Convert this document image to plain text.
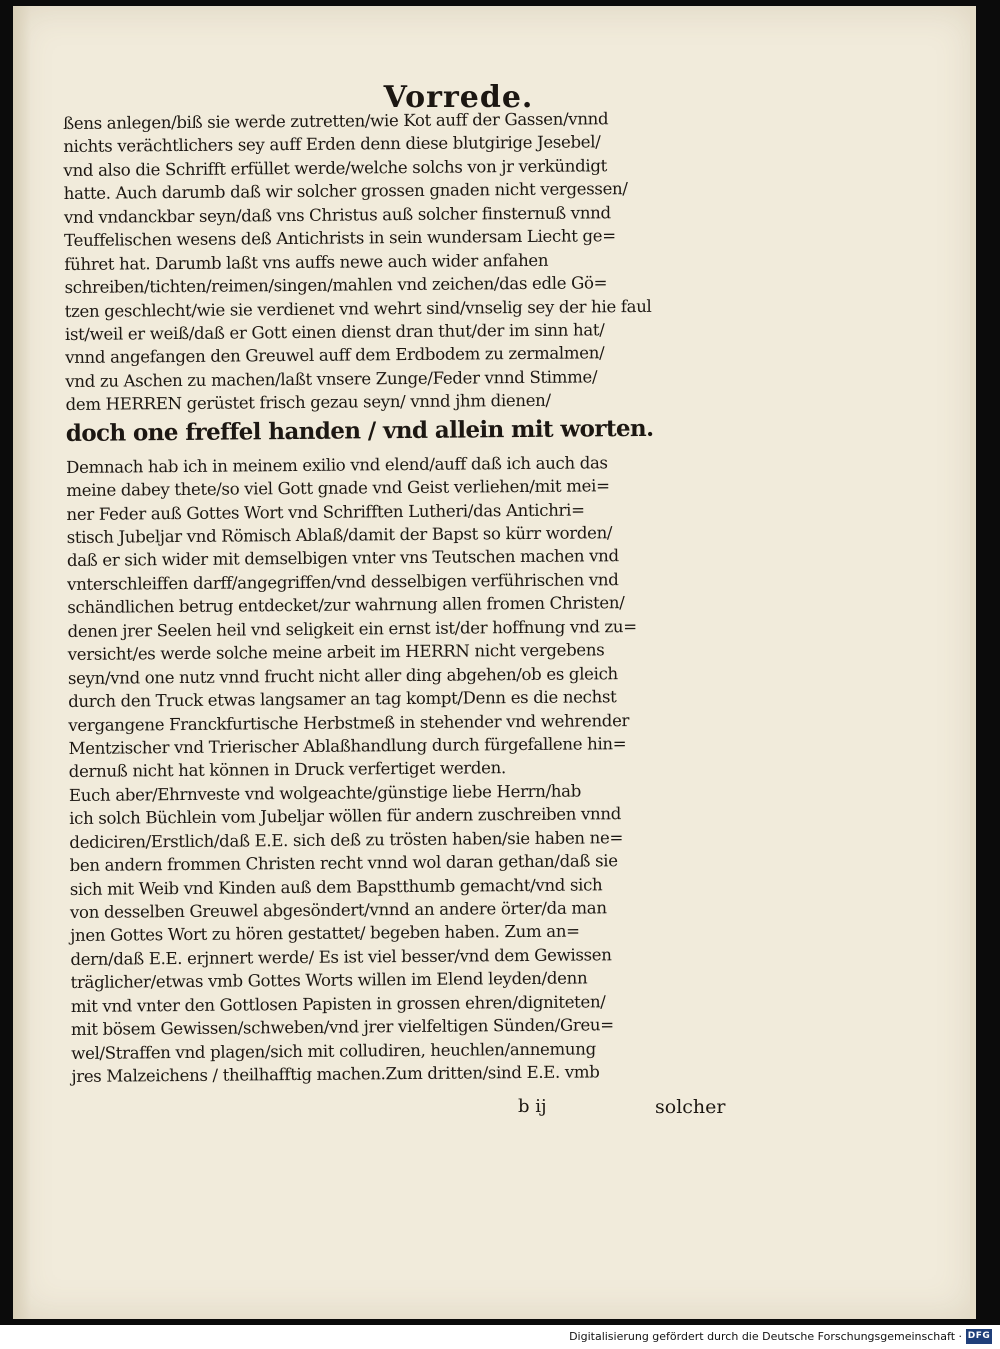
Vorrede.
ßens anlegen/biß sie werde zutretten/wie Kot auff der Gassen/vnnd
nichts verächtlichers sey auff Erden denn diese blutgirige Jesebel/
vnd also die Schrifft erfüllet werde/welche solchs von jr verkündigt
hatte. Auch darumb daß wir solcher grossen gnaden nicht vergessen/
vnd vndanckbar seyn/daß vns Christus auß solcher finsternuß vnnd
Teuffelischen wesens deß Antichrists in sein wundersam Liecht ge=
führet hat. Darumb laßt vns auffs newe auch wider anfahen
schreiben/tichten/reimen/singen/mahlen vnd zeichen/das edle Gö=
tzen geschlecht/wie sie verdienet vnd wehrt sind/vnselig sey der hie faul
ist/weil er weiß/daß er Gott einen dienst dran thut/der im sinn hat/
vnnd angefangen den Greuwel auff dem Erdbodem zu zermalmen/
vnd zu Aschen zu machen/laßt vnsere Zunge/Feder vnnd Stimme/
dem HERREN gerüstet frisch gezau seyn/ vnnd jhm dienen/
doch one freffel handen / vnd allein mit worten.
Demnach hab ich in meinem exilio vnd elend/auff daß ich auch das
meine dabey thete/so viel Gott gnade vnd Geist verliehen/mit mei=
ner Feder auß Gottes Wort vnd Schrifften Lutheri/das Antichri=
stisch Jubeljar vnd Römisch Ablaß/damit der Bapst so kürr worden/
daß er sich wider mit demselbigen vnter vns Teutschen machen vnd
vnterschleiffen darff/angegriffen/vnd desselbigen verführischen vnd
schändlichen betrug entdecket/zur wahrnung allen fromen Christen/
denen jrer Seelen heil vnd seligkeit ein ernst ist/der hoffnung vnd zu=
versicht/es werde solche meine arbeit im HERRN nicht vergebens
seyn/vnd one nutz vnnd frucht nicht aller ding abgehen/ob es gleich
durch den Truck etwas langsamer an tag kompt/Denn es die nechst
vergangene Franckfurtische Herbstmeß in stehender vnd wehrender
Mentzischer vnd Trierischer Ablaßhandlung durch fürgefallene hin=
dernuß nicht hat können in Druck verfertiget werden.
Euch aber/Ehrnveste vnd wolgeachte/günstige liebe Herrn/hab
ich solch Büchlein vom Jubeljar wöllen für andern zuschreiben vnnd
dediciren/Erstlich/daß E.E. sich deß zu trösten haben/sie haben ne=
ben andern frommen Christen recht vnnd wol daran gethan/daß sie
sich mit Weib vnd Kinden auß dem Bapstthumb gemacht/vnd sich
von desselben Greuwel abgesöndert/vnnd an andere örter/da man
jnen Gottes Wort zu hören gestattet/ begeben haben. Zum an=
dern/daß E.E. erjnnert werde/ Es ist viel besser/vnd dem Gewissen
träglicher/etwas vmb Gottes Worts willen im Elend leyden/denn
mit vnd vnter den Gottlosen Papisten in grossen ehren/digniteten/
mit bösem Gewissen/schweben/vnd jrer vielfeltigen Sünden/Greu=
wel/Straffen vnd plagen/sich mit colludiren, heuchlen/annemung
jres Malzeichens / theilhafftig machen.Zum dritten/sind E.E. vmb
b ij	solcher
Digitalisierung gefördert durch die Deutsche Forschungsgemeinschaft · DFG
